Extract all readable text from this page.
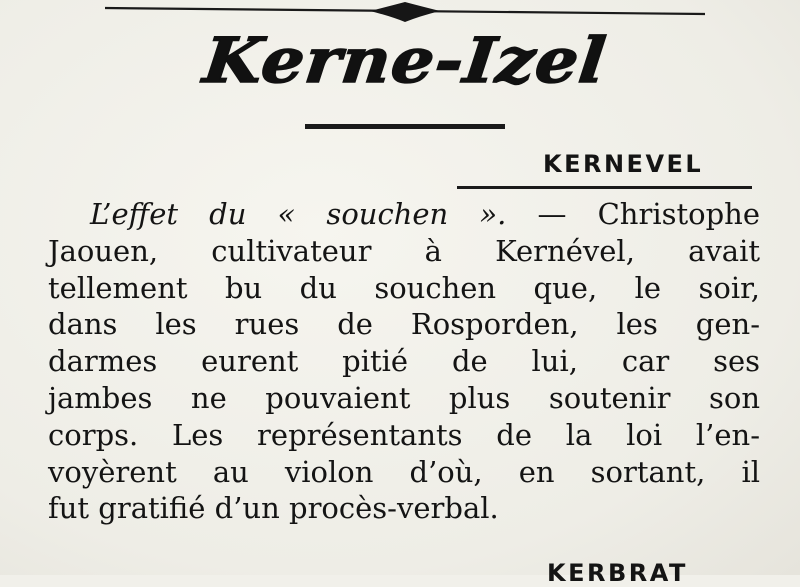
Kerne-Izel
KERNEVEL
L’effet du « souchen ». — Christophe
Jaouen, cultivateur à Kernével, avait
tellement bu du souchen que, le soir,
dans les rues de Rosporden, les gen-
darmes eurent pitié de lui, car ses
jambes ne pouvaient plus soutenir son
corps. Les représentants de la loi l’en-
voyèrent au violon d’où, en sortant, il
fut gratifié d’un procès-verbal.
KERBRAT
